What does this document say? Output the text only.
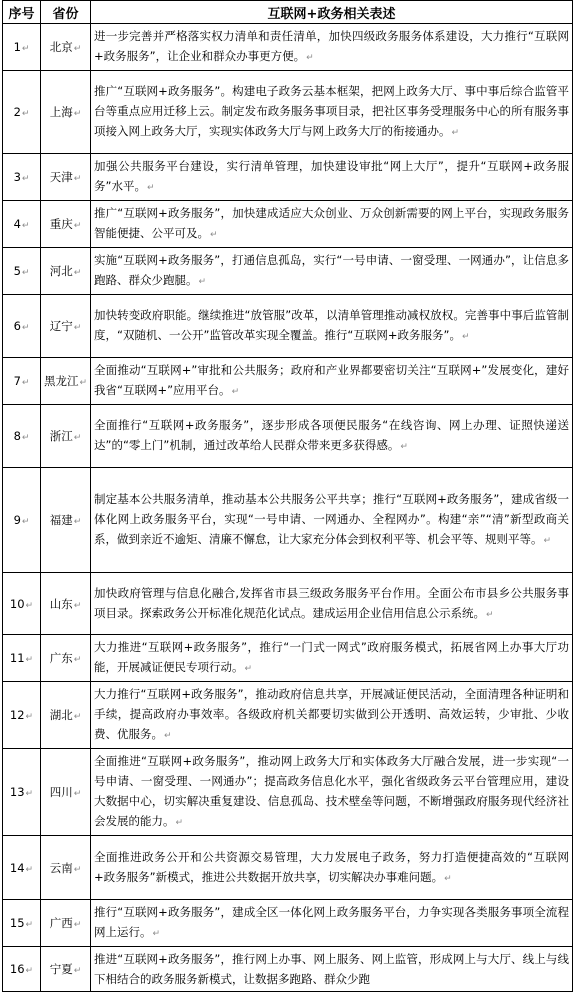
序号	省份	互联网+政务相关表述
1↵	北京↵	进一步完善并严格落实权力清单和责任清单，加快四级政务服务体系建设，大力推行“互联网+政务服务”，让企业和群众办事更方便。↵
2↵	上海↵	推广“互联网+政务服务”。构建电子政务云基本框架，把网上政务大厅、事中事后综合监管平台等重点应用迁移上云。制定发布政务服务事项目录，把社区事务受理服务中心的所有服务事项接入网上政务大厅，实现实体政务大厅与网上政务大厅的衔接通办。↵
3↵	天津↵	加强公共服务平台建设，实行清单管理，加快建设审批“网上大厅”，提升“互联网+政务服务”水平。↵
4↵	重庆↵	推广“互联网+政务服务”，加快建成适应大众创业、万众创新需要的网上平台，实现政务服务智能便捷、公平可及。↵
5↵	河北↵	实施“互联网+政务服务”，打通信息孤岛，实行“一号申请、一窗受理、一网通办”，让信息多跑路、群众少跑腿。↵
6↵	辽宁↵	加快转变政府职能。继续推进“放管服”改革，以清单管理推动减权放权。完善事中事后监管制度，“双随机、一公开”监管改革实现全覆盖。推行“互联网+政务服务”。↵
7↵	黑龙江↵	全面推动“互联网+”审批和公共服务；政府和产业界都要密切关注“互联网+”发展变化，建好我省“互联网+”应用平台。↵
8↵	浙江↵	全面推行“互联网+政务服务”，逐步形成各项便民服务“在线咨询、网上办理、证照快递送达”的“零上门”机制，通过改革给人民群众带来更多获得感。↵
9↵	福建↵	制定基本公共服务清单，推动基本公共服务公平共享；推行“互联网+政务服务”，建成省级一体化网上政务服务平台，实现“一号申请、一网通办、全程网办”。构建“亲”“清”新型政商关系，做到亲近不逾矩、清廉不懈怠，让大家充分体会到权利平等、机会平等、规则平等。↵
10↵	山东↵	加快政府管理与信息化融合,发挥省市县三级政务服务平台作用。全面公布市县乡公共服务事项目录。探索政务公开标准化规范化试点。建成运用企业信用信息公示系统。↵
11↵	广东↵	大力推进“互联网+政务服务”，推行“一门式一网式”政府服务模式，拓展省网上办事大厅功能，开展减证便民专项行动。↵
12↵	湖北↵	大力推行“互联网+政务服务”，推动政府信息共享，开展减证便民活动，全面清理各种证明和手续，提高政府办事效率。各级政府机关都要切实做到公开透明、高效运转，少审批、少收费、优服务。↵
13↵	四川↵	全面推进“互联网+政务服务”，推动网上政务大厅和实体政务大厅融合发展，进一步实现“一号申请、一窗受理、一网通办”；提高政务信息化水平，强化省级政务云平台管理应用，建设大数据中心，切实解决重复建设、信息孤岛、技术壁垒等问题，不断增强政府服务现代经济社会发展的能力。↵
14↵	云南↵	全面推进政务公开和公共资源交易管理，大力发展电子政务，努力打造便捷高效的“互联网+政务服务”新模式，推进公共数据开放共享，切实解决办事难问题。↵
15↵	广西↵	推行“互联网+政务服务”，建成全区一体化网上政务服务平台，力争实现各类服务事项全流程网上运行。↵
16↵	宁夏↵	推进“互联网+政务服务”，推行网上办事、网上服务、网上监管，形成网上与大厅、线上与线下相结合的政务服务新模式，让数据多跑路、群众少跑
